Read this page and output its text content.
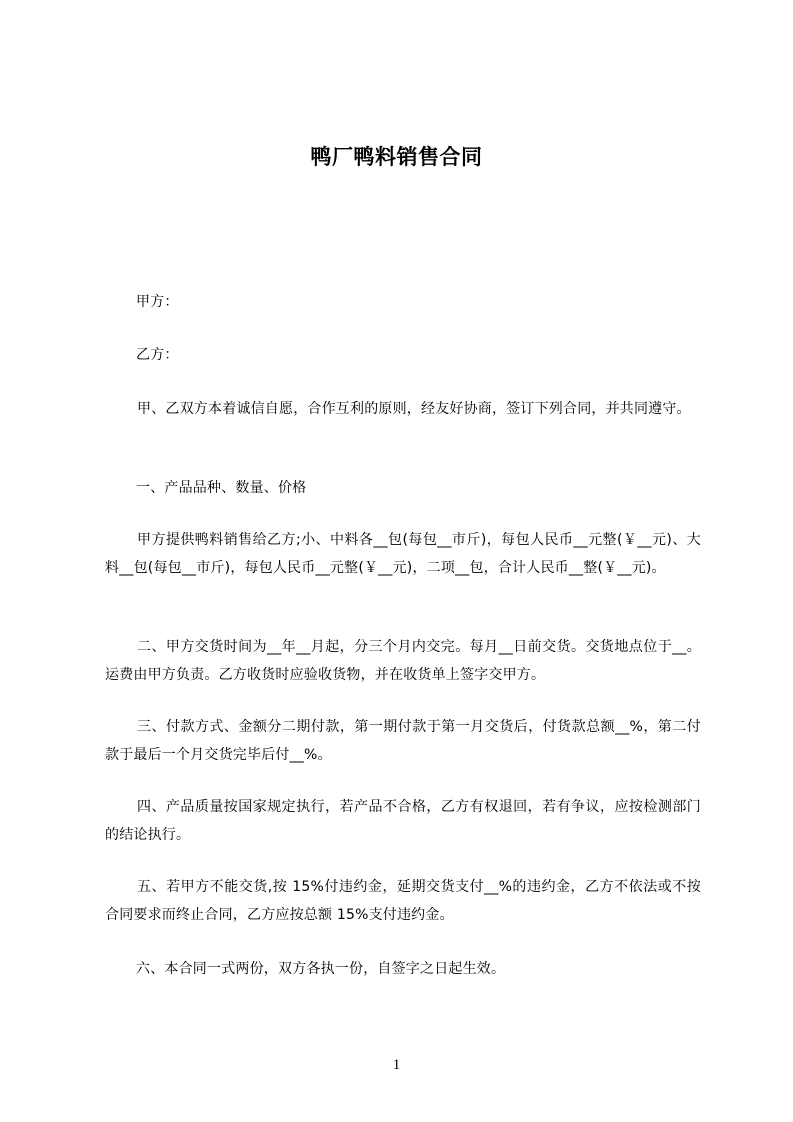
鸭厂鸭料销售合同
甲方：
乙方：
甲、乙双方本着诚信自愿，合作互利的原则，经友好协商，签订下列合同，并共同遵守。
一、产品品种、数量、价格
甲方提供鸭料销售给乙方;小、中料各__包(每包__市斤)，每包人民币__元整(￥__元)、大料__包(每包__市斤)，每包人民币__元整(￥__元)，二项__包，合计人民币__整(￥__元)。
二、甲方交货时间为__年__月起，分三个月内交完。每月__日前交货。交货地点位于__。运费由甲方负责。乙方收货时应验收货物，并在收货单上签字交甲方。
三、付款方式、金额分二期付款，第一期付款于第一月交货后，付货款总额__%，第二付款于最后一个月交货完毕后付__%。
四、产品质量按国家规定执行，若产品不合格，乙方有权退回，若有争议，应按检测部门的结论执行。
五、若甲方不能交货,按 15%付违约金，延期交货支付__%的违约金，乙方不依法或不按合同要求而终止合同，乙方应按总额 15%支付违约金。
六、本合同一式两份，双方各执一份，自签字之日起生效。
1
